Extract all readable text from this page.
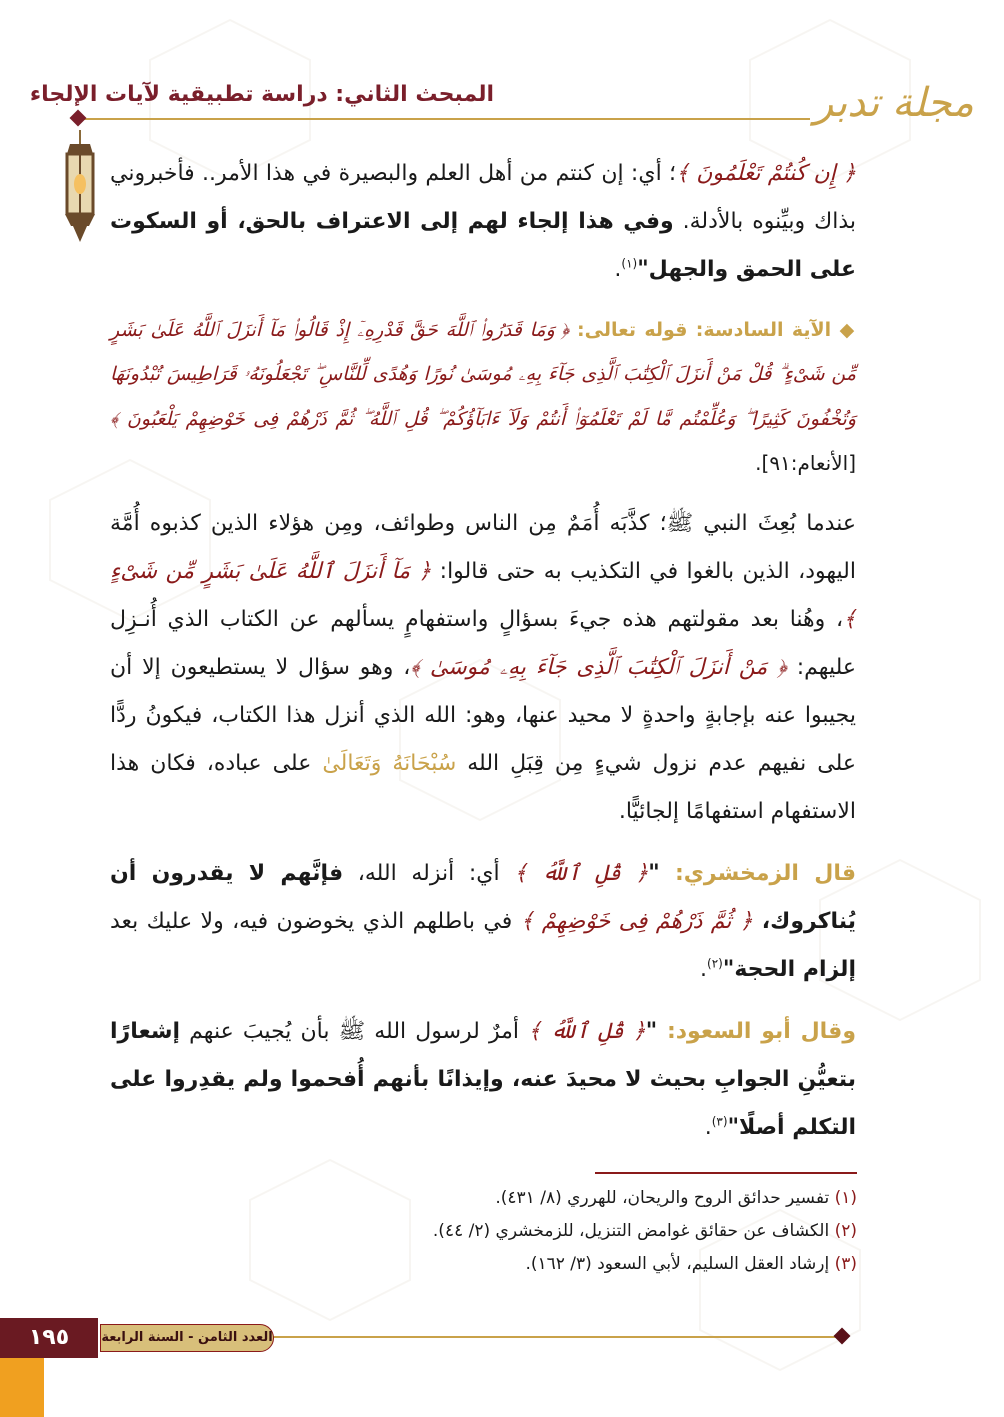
مجلة تدبر
المبحث الثاني: دراسة تطبيقية لآيات الإلجاء

﴿ إِن كُنتُمْ تَعْلَمُونَ ﴾؛ أي: إن كنتم من أهل العلم والبصيرة في هذا الأمر.. فأخبروني بذاك وبيِّنوه بالأدلة. وفي هذا إلجاء لهم إلى الاعتراف بالحق، أو السكوت على الحمق والجهل"$^{(١)}$.

◆ الآية السادسة: قوله تعالى: ﴿ وَمَا قَدَرُوا۟ ٱللَّهَ حَقَّ قَدْرِهِۦٓ إِذْ قَالُوا۟ مَآ أَنزَلَ ٱللَّهُ عَلَىٰ بَشَرٍ مِّن شَىْءٍ ۗ قُلْ مَنْ أَنزَلَ ٱلْكِتَٰبَ ٱلَّذِى جَآءَ بِهِۦ مُوسَىٰ نُورًا وَهُدًى لِّلنَّاسِ ۖ تَجْعَلُونَهُۥ قَرَاطِيسَ تُبْدُونَهَا وَتُخْفُونَ كَثِيرًا ۖ وَعُلِّمْتُم مَّا لَمْ تَعْلَمُوٓا۟ أَنتُمْ وَلَآ ءَابَآؤُكُمْ ۖ قُلِ ٱللَّهُ ۖ ثُمَّ ذَرْهُمْ فِى خَوْضِهِمْ يَلْعَبُونَ ﴾ [الأنعام:٩١].

عندما بُعِثَ النبي ﷺ؛ كذَّبَه أُمَمٌ مِن الناس وطوائف، ومِن هؤلاء الذين كذبوه أُمَّة اليهود، الذين بالغوا في التكذيب به حتى قالوا: ﴿ مَآ أَنزَلَ ٱللَّهُ عَلَىٰ بَشَرٍ مِّن شَىْءٍ ﴾، وهُنا بعد مقولتهم هذه جيءَ بسؤالٍ واستفهامٍ يسألهم عن الكتاب الذي أُنـزِل عليهم: ﴿ مَنْ أَنزَلَ ٱلْكِتَٰبَ ٱلَّذِى جَآءَ بِهِۦ مُوسَىٰ ﴾، وهو سؤال لا يستطيعون إلا أن يجيبوا عنه بإجابةٍ واحدةٍ لا محيد عنها، وهو: الله الذي أنزل هذا الكتاب، فيكونُ ردًّا على نفيهم عدم نزول شيءٍ مِن قِبَلِ الله سُبْحَانَهُ وَتَعَالَىٰ على عباده، فكان هذا الاستفهام استفهامًا إلجائيًّا.

قال الزمخشري: "﴿ قُلِ ٱللَّهُ ﴾ أي: أنزله الله، فإنَّهم لا يقدرون أن يُناكروك، ﴿ ثُمَّ ذَرْهُمْ فِى خَوْضِهِمْ ﴾ في باطلهم الذي يخوضون فيه، ولا عليك بعد إلزام الحجة"$^{(٢)}$.

وقال أبو السعود: "﴿ قُلِ ٱللَّهُ ﴾ أمرٌ لرسول الله ﷺ بأن يُجيبَ عنهم إشعارًا بتعيُّنِ الجوابِ بحيث لا محيدَ عنه، وإيذانًا بأنهم أُفحموا ولم يقدِروا على التكلم أصلًا"$^{(٣)}$.

(١) تفسير حدائق الروح والريحان، للهرري (٨/ ٤٣١).
(٢) الكشاف عن حقائق غوامض التنزيل، للزمخشري (٢/ ٤٤).
(٣) إرشاد العقل السليم، لأبي السعود (٣/ ١٦٢).
١٩٥	العدد الثامن - السنة الرابعة
